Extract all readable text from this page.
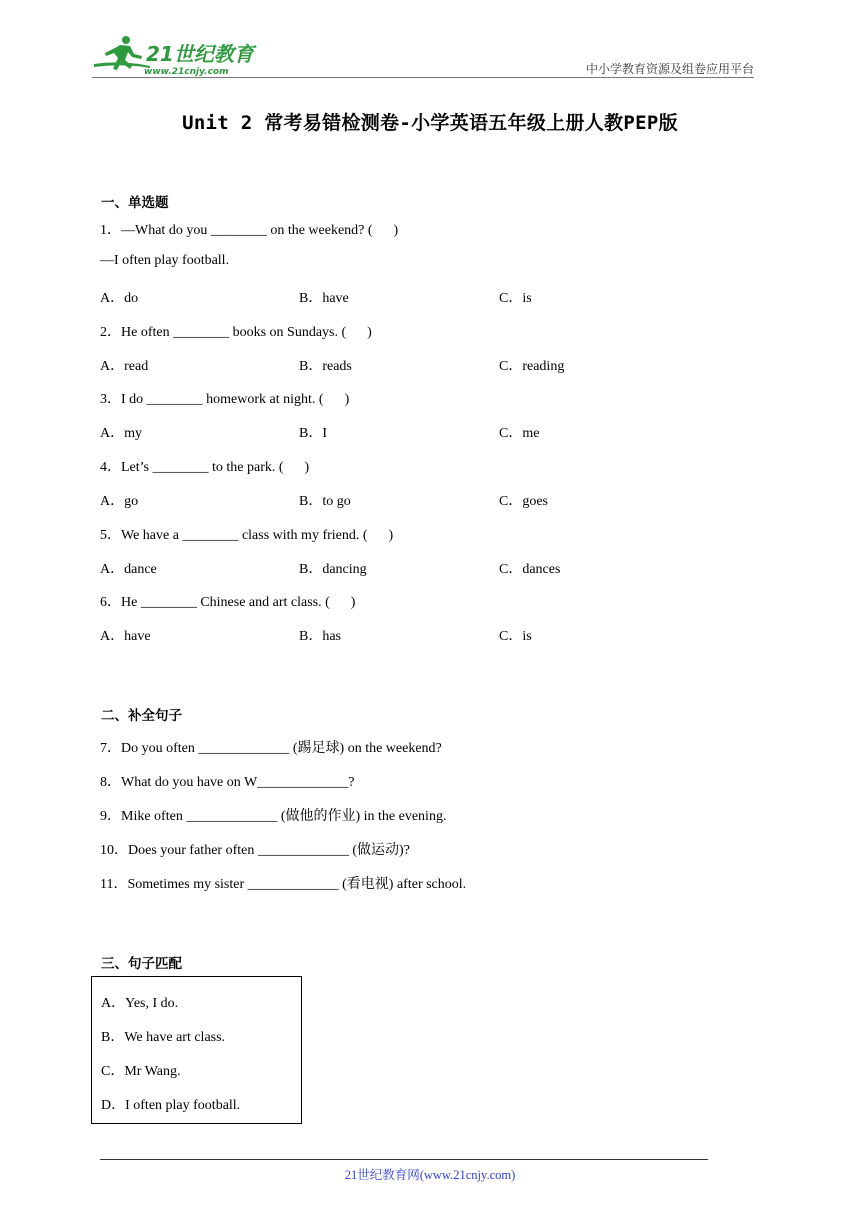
21世纪教育
www.21cnjy.com	中小学教育资源及组卷应用平台
Unit 2 常考易错检测卷-小学英语五年级上册人教PEP版
一、单选题
1．—What do you ________ on the weekend? (      )
—I often play football.
A．do	B．have	C．is
2．He often ________ books on Sundays. (      )
A．read	B．reads	C．reading
3．I do ________ homework at night. (      )
A．my	B．I	C．me
4．Let’s ________ to the park. (      )
A．go	B．to go	C．goes
5．We have a ________ class with my friend. (      )
A．dance	B．dancing	C．dances
6．He ________ Chinese and art class. (      )
A．have	B．has	C．is
二、补全句子
7．Do you often _____________ (踢足球) on the weekend?
8．What do you have on W_____________?
9．Mike often _____________ (做他的作业) in the evening.
10．Does your father often _____________ (做运动)?
11．Sometimes my sister _____________ (看电视) after school.
三、句子匹配
A．Yes, I do.
B．We have art class.
C．Mr Wang.
D．I often play football.
21世纪教育网(www.21cnjy.com)
